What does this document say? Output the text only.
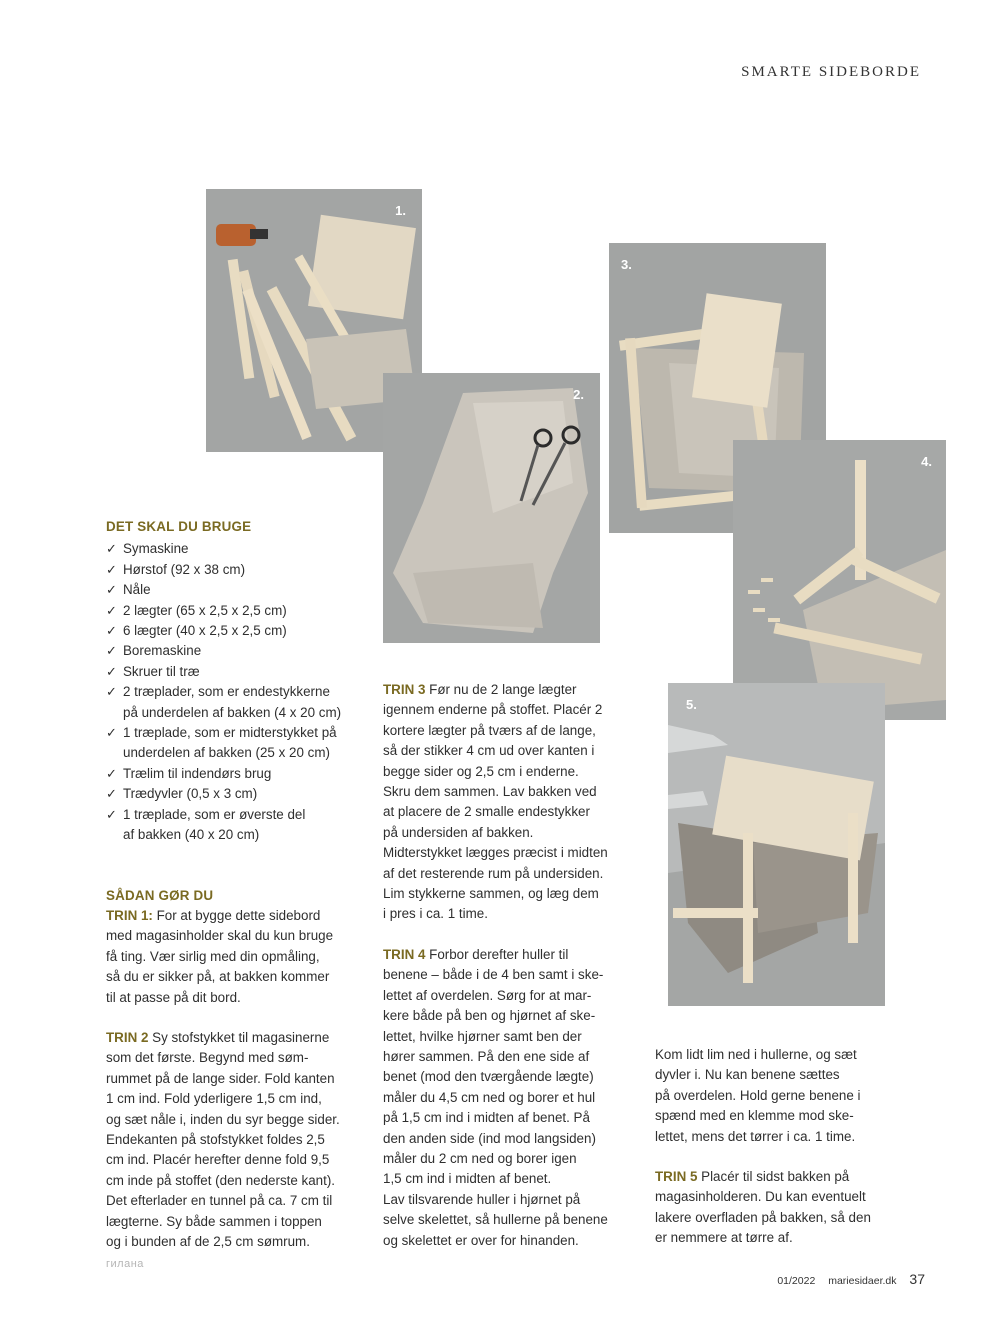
SMARTE SIDEBORDE
1.
2.
3.
4.
5.
DET SKAL DU BRUGE
✓ Symaskine
✓ Hørstof (92 x 38 cm)
✓ Nåle
✓ 2 lægter (65 x 2,5 x 2,5 cm)
✓ 6 lægter (40 x 2,5 x 2,5 cm)
✓ Boremaskine
✓ Skruer til træ
✓ 2 træplader, som er endestykkerne
på underdelen af bakken (4 x 20 cm)
✓ 1 træplade, som er midterstykket på
underdelen af bakken (25 x 20 cm)
✓ Trælim til indendørs brug
✓ Trædyvler (0,5 x 3 cm)
✓ 1 træplade, som er øverste del
af bakken (40 x 20 cm)
SÅDAN GØR DU

TRIN 1: For at bygge dette sidebord
med magasinholder skal du kun bruge
få ting. Vær sirlig med din opmåling,
så du er sikker på, at bakken kommer
til at passe på dit bord.

TRIN 2 Sy stofstykket til magasinerne
som det første. Begynd med søm-
rummet på de lange sider. Fold kanten
1 cm ind. Fold yderligere 1,5 cm ind,
og sæt nåle i, inden du syr begge sider.
Endekanten på stofstykket foldes 2,5
cm ind. Placér herefter denne fold 9,5
cm inde på stoffet (den nederste kant).
Det efterlader en tunnel på ca. 7 cm til
lægterne. Sy både sammen i toppen
og i bunden af de 2,5 cm sømrum.

TRIN 3 Før nu de 2 lange lægter
igennem enderne på stoffet. Placér 2
kortere lægter på tværs af de lange,
så der stikker 4 cm ud over kanten i
begge sider og 2,5 cm i enderne.
Skru dem sammen. Lav bakken ved
at placere de 2 smalle endestykker
på undersiden af bakken.
Midterstykket lægges præcist i midten
af det resterende rum på undersiden.
Lim stykkerne sammen, og læg dem
i pres i ca. 1 time.

TRIN 4 Forbor derefter huller til
benene – både i de 4 ben samt i ske-
lettet af overdelen. Sørg for at mar-
kere både på ben og hjørnet af ske-
lettet, hvilke hjørner samt ben der
hører sammen. På den ene side af
benet (mod den tværgående lægte)
måler du 4,5 cm ned og borer et hul
på 1,5 cm ind i midten af benet. På
den anden side (ind mod langsiden)
måler du 2 cm ned og borer igen
1,5 cm ind i midten af benet.
Lav tilsvarende huller i hjørnet på
selve skelettet, så hullerne på benene
og skelettet er over for hinanden.

Kom lidt lim ned i hullerne, og sæt
dyvler i. Nu kan benene sættes
på overdelen. Hold gerne benene i
spænd med en klemme mod ske-
lettet, mens det tørrer i ca. 1 time.

TRIN 5 Placér til sidst bakken på
magasinholderen. Du kan eventuelt
lakere overfladen på bakken, så den
er nemmere at tørre af.

гилана
01/2022 mariesidaer.dk 37
